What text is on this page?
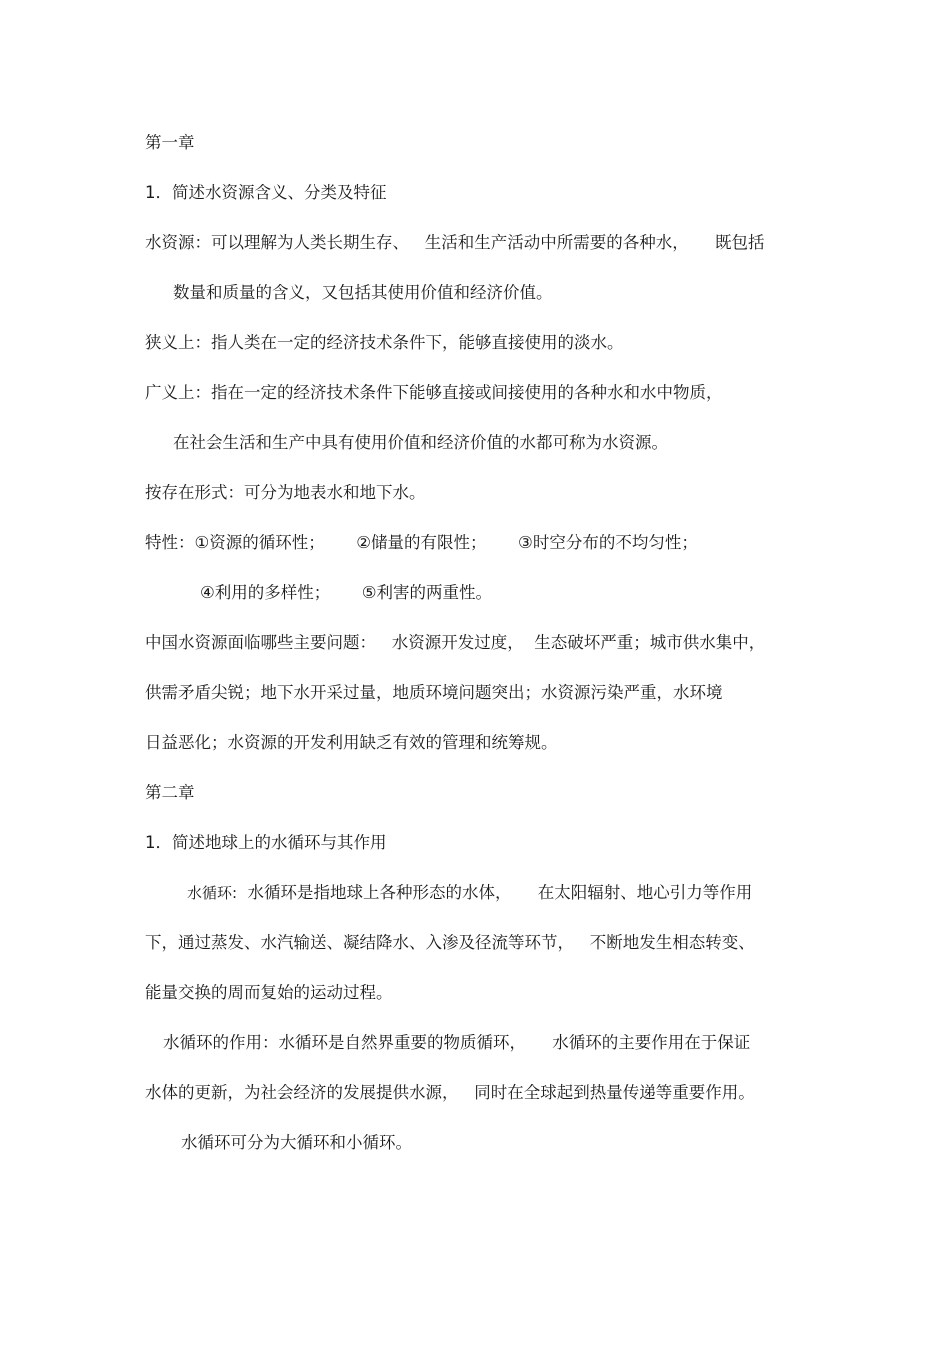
第一章

1．简述水资源含义、分类及特征

水资源：可以理解为人类长期生存、   生活和生产活动中所需要的各种水，     既包括

数量和质量的含义，又包括其使用价值和经济价值。

狭义上：指人类在一定的经济技术条件下，能够直接使用的淡水。

广义上：指在一定的经济技术条件下能够直接或间接使用的各种水和水中物质，

在社会生活和生产中具有使用价值和经济价值的水都可称为水资源。

按存在形式：可分为地表水和地下水。

特性：①资源的循环性；      ②储量的有限性；      ③时空分布的不均匀性；

④利用的多样性；      ⑤利害的两重性。

中国水资源面临哪些主要问题：   水资源开发过度，  生态破坏严重；城市供水集中，

供需矛盾尖锐；地下水开采过量，地质环境问题突出；水资源污染严重，水环境

日益恶化；水资源的开发利用缺乏有效的管理和统筹规。

第二章

1．简述地球上的水循环与其作用

水循环:  水循环是指地球上各种形态的水体，     在太阳辐射、地心引力等作用

下，通过蒸发、水汽输送、凝结降水、入渗及径流等环节，   不断地发生相态转变、

能量交换的周而复始的运动过程。

水循环的作用：水循环是自然界重要的物质循环，     水循环的主要作用在于保证

水体的更新，为社会经济的发展提供水源，   同时在全球起到热量传递等重要作用。

水循环可分为大循环和小循环。
